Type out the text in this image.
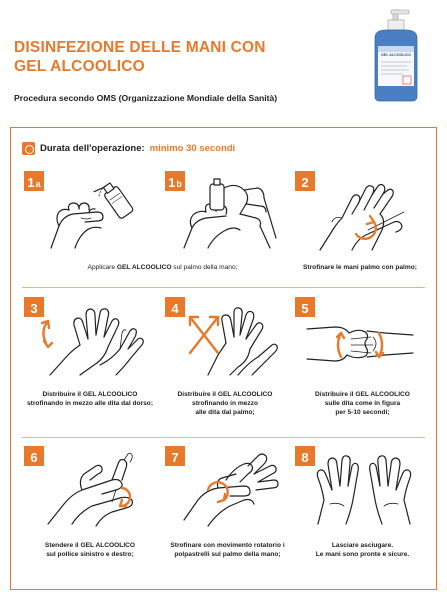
DISINFEZIONE DELLE MANI CON
GEL ALCOOLICO
Procedura secondo OMS (Organizzazione Mondiale della Sanità)
GEL ALCOOLICO
Durata dell'operazione: minimo 30 secondi
1 a	1 b	2
3	4	5
6	7	8
Applicare GEL ALCOOLICO sul palmo della mano;	Strofinare le mani palmo con palmo;
Distribuire il GEL ALCOOLICO
strofinando in mezzo alle dita dal dorso;
Distribuire il GEL ALCOOLICO
strofinando in mezzo
alle dita dal palmo;
Distribuire il GEL ALCOOLICO
sulle dita come in figura
per 5-10 secondi;
Stendere il GEL ALCOOLICO
sul pollice sinistro e destro;
Strofinare con movimento rotatorio i
polpastrelli sul palmo della mano;
Lasciare asciugare.
Le mani sono pronte e sicure.
